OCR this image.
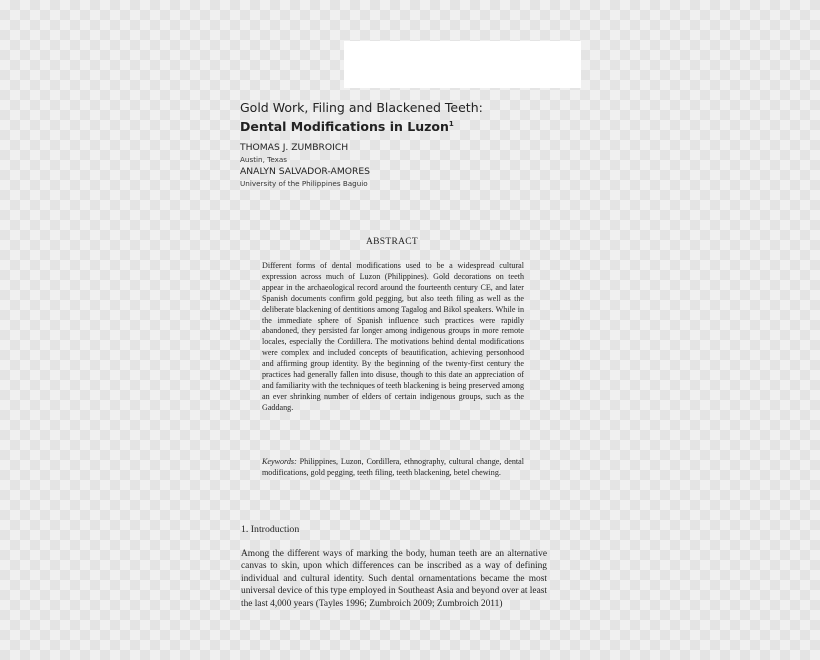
Gold Work, Filing and Blackened Teeth:
Dental Modifications in Luzon$^1$
THOMAS J. ZUMBROICH
Austin, Texas
ANALYN SALVADOR-AMORES
University of the Philippines Baguio
ABSTRACT
Different forms of dental modifications used to be a widespread cultural expression across much of Luzon (Philippines). Gold decorations on teeth appear in the archaeological record around the fourteenth century CE, and later Spanish documents confirm gold pegging, but also teeth filing as well as the deliberate blackening of dentitions among Tagalog and Bikol speakers. While in the immediate sphere of Spanish influence such practices were rapidly abandoned, they persisted far longer among indigenous groups in more remote locales, especially the Cordillera. The motivations behind dental modifications were complex and included concepts of beautification, achieving personhood and affirming group identity. By the beginning of the twenty-first century the practices had generally fallen into disuse, though to this date an appreciation of and familiarity with the techniques of teeth blackening is being preserved among an ever shrinking number of elders of certain indigenous groups, such as the Gaddang.
Keywords: Philippines, Luzon, Cordillera, ethnography, cultural change, dental modifications, gold pegging, teeth filing, teeth blackening, betel chewing.
1. Introduction
Among the different ways of marking the body, human teeth are an alternative canvas to skin, upon which differences can be inscribed as a way of defining individual and cultural identity. Such dental ornamentations became the most universal device of this type employed in Southeast Asia and beyond over at least the last 4,000 years (Tayles 1996; Zumbroich 2009; Zumbroich 2011)
